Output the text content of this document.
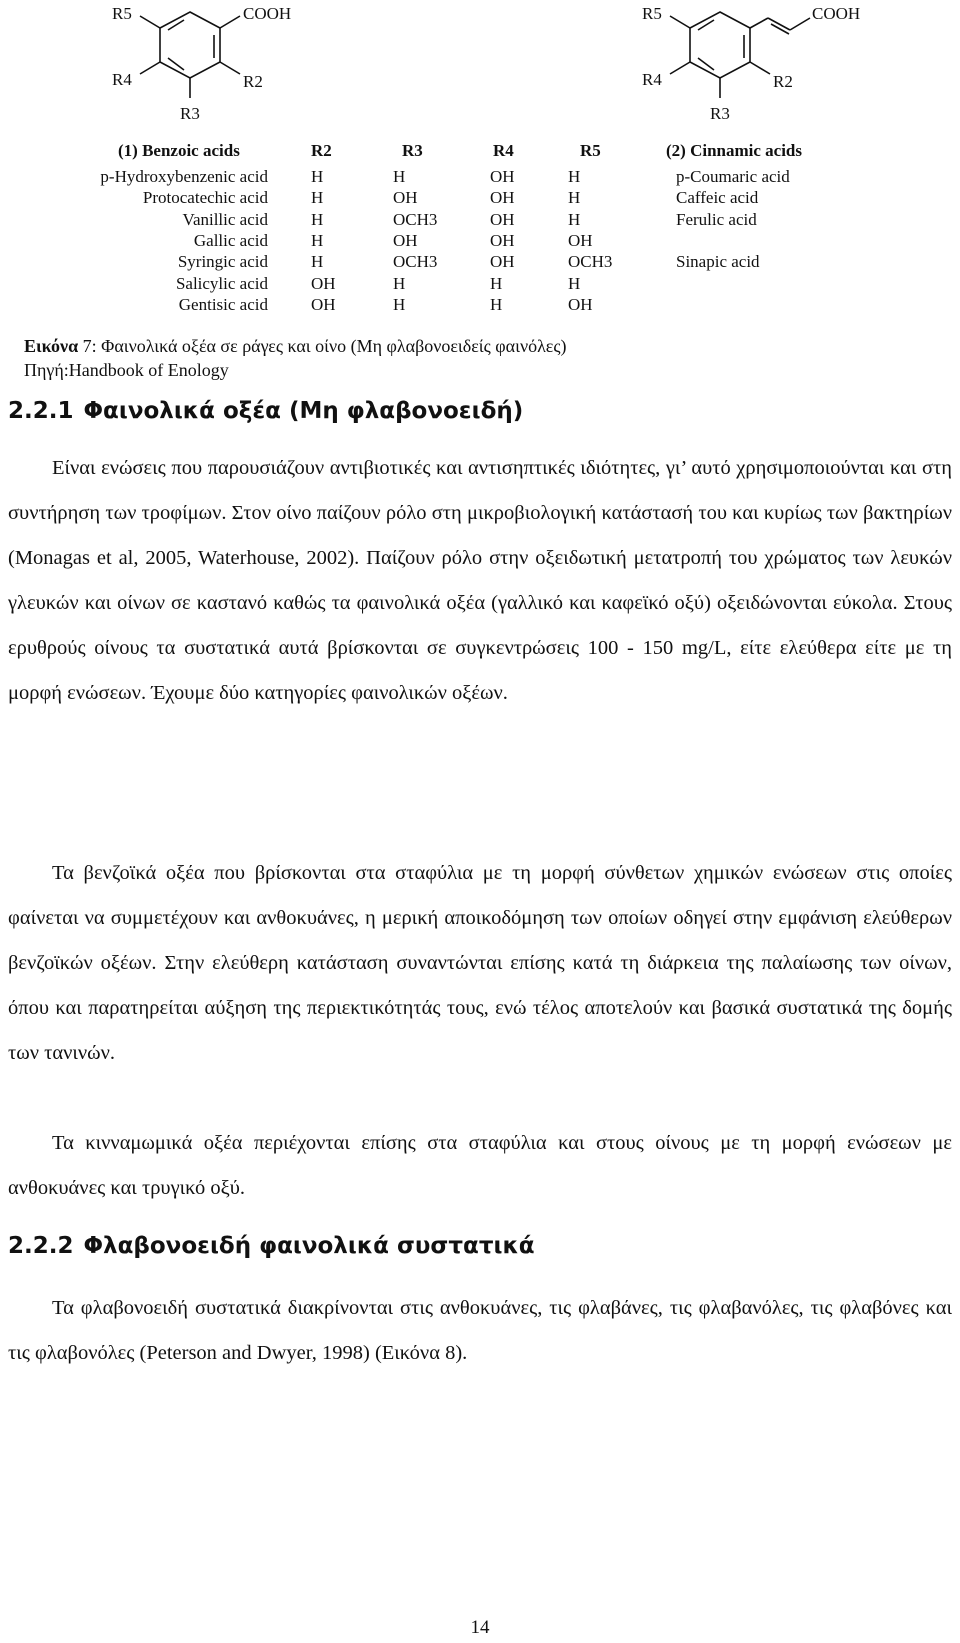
COOH
R5
R4	R2
R3
COOH
R5
R4	R2
R3
(1) Benzoic acids	R2	R3	R4	R5	(2) Cinnamic acids
p-Hydroxybenzenic acid	H	H	OH	H	p-Coumaric acid
Protocatechic acid	H	OH	OH	H	Caffeic acid
Vanillic acid	H	OCH3	OH	H	Ferulic acid
Gallic acid	H	OH	OH	OH
Syringic acid	H	OCH3	OH	OCH3	Sinapic acid
Salicylic acid	OH	H	H	H
Gentisic acid	OH	H	H	OH
Εικόνα 7: Φαινολικά οξέα σε ράγες και οίνο (Μη φλαβονοειδείς φαινόλες)
Πηγή:Handbook of Enology
2.2.1 Φαινολικά οξέα (Μη φλαβονοειδή)

Είναι ενώσεις που παρουσιάζουν αντιβιοτικές και αντισηπτικές ιδιότητες, γι’ αυτό χρησιμοποιούνται και στη συντήρηση των τροφίμων. Στον οίνο παίζουν ρόλο στη μικροβιολογική κατάστασή του και κυρίως των βακτηρίων (Monagas et al, 2005, Waterhouse, 2002). Παίζουν ρόλο στην οξειδωτική μετατροπή του χρώματος των λευκών γλευκών και οίνων σε καστανό καθώς τα φαινολικά οξέα (γαλλικό και καφεϊκό οξύ) οξειδώνονται εύκολα. Στους ερυθρούς οίνους τα συστατικά αυτά βρίσκονται σε συγκεντρώσεις 100 - 150 mg/L, είτε ελεύθερα είτε με τη μορφή ενώσεων. Έχουμε δύο κατηγορίες φαινολικών οξέων.

Τα βενζοϊκά οξέα που βρίσκονται στα σταφύλια με τη μορφή σύνθετων χημικών ενώσεων στις οποίες φαίνεται να συμμετέχουν και ανθοκυάνες, η μερική αποικοδόμηση των οποίων οδηγεί στην εμφάνιση ελεύθερων βενζοϊκών οξέων. Στην ελεύθερη κατάσταση συναντώνται επίσης κατά τη διάρκεια της παλαίωσης των οίνων, όπου και παρατηρείται αύξηση της περιεκτικότητάς τους, ενώ τέλος αποτελούν και βασικά συστατικά της δομής των τανινών.

Τα κινναμωμικά οξέα περιέχονται επίσης στα σταφύλια και στους οίνους με τη μορφή ενώσεων με ανθοκυάνες και τρυγικό οξύ.

2.2.2 Φλαβονοειδή φαινολικά συστατικά

Τα φλαβονοειδή συστατικά διακρίνονται στις ανθοκυάνες, τις φλαβάνες, τις φλαβανόλες, τις φλαβόνες και τις φλαβονόλες (Peterson and Dwyer, 1998) (Εικόνα 8).

14
